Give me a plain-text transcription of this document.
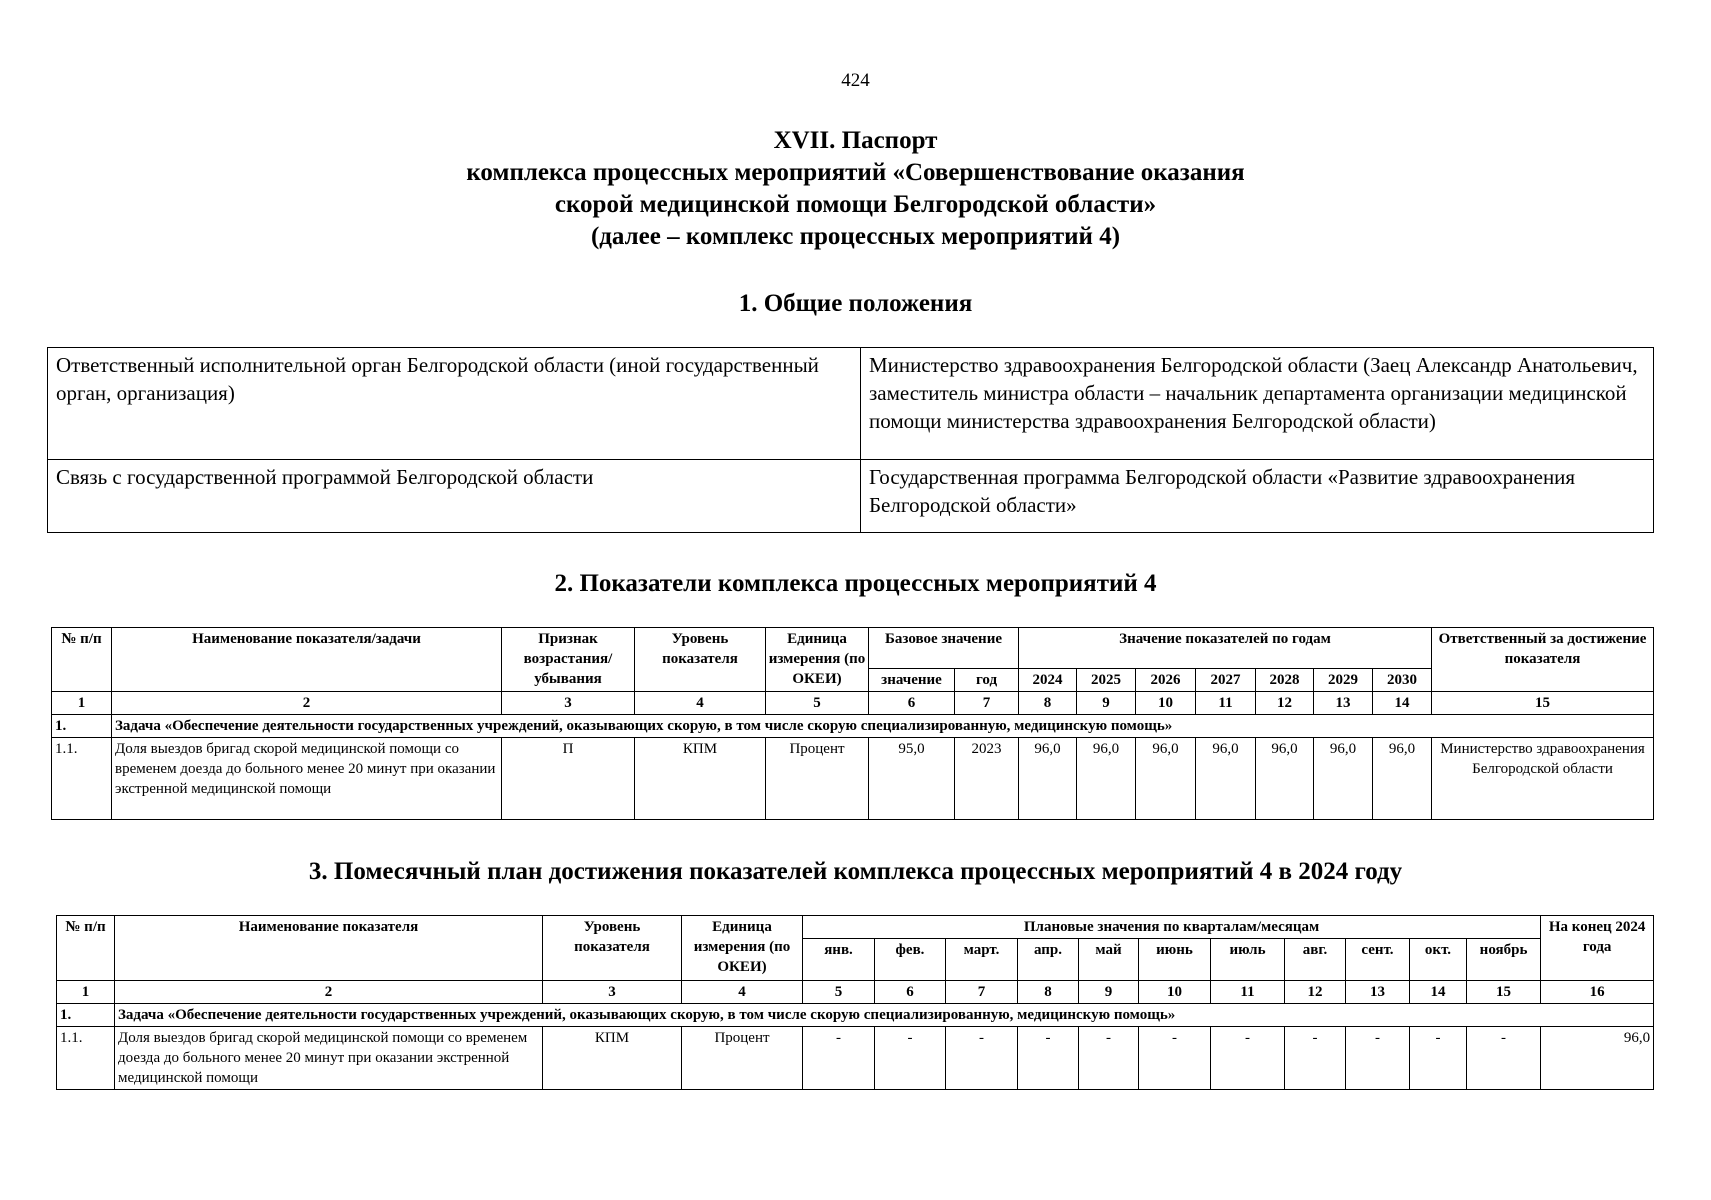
424
XVII. Паспорт
комплекса процессных мероприятий «Совершенствование оказания
скорой медицинской помощи Белгородской области»
(далее – комплекс процессных мероприятий 4)
1. Общие положения
Ответственный исполнительной орган Белгородской области (иной государственный орган, организация)	Министерство здравоохранения Белгородской области (Заец Александр Анатольевич, заместитель министра области – начальник департамента организации медицинской помощи министерства здравоохранения Белгородской области)
Связь с государственной программой Белгородской области	Государственная программа Белгородской области «Развитие здравоохранения Белгородской области»
2. Показатели комплекса процессных мероприятий 4
№ п/п	Наименование показателя/задачи	Признак возрастания/ убывания	Уровень показателя	Единица измерения (по ОКЕИ)	Базовое значение		Значение показателей по годам							Ответственный за достижение показателя
					значение	год	2024	2025	2026	2027	2028	2029	2030	
1	2	3	4	5	6	7	8	9	10	11	12	13	14	15
1.	Задача «Обеспечение деятельности государственных учреждений, оказывающих скорую, в том числе скорую специализированную, медицинскую помощь»													
1.1.	Доля выездов бригад скорой медицинской помощи со временем доезда до больного менее 20 минут при оказании экстренной медицинской помощи	П	КПМ	Процент	95,0	2023	96,0	96,0	96,0	96,0	96,0	96,0	96,0	Министерство здравоохранения Белгородской области
3. Помесячный план достижения показателей комплекса процессных мероприятий 4 в 2024 году
№ п/п	Наименование показателя	Уровень показателя	Единица измерения (по ОКЕИ)	Плановые значения по кварталам/месяцам											На конец 2024 года
				янв.	фев.	март.	апр.	май	июнь	июль	авг.	сент.	окт.	ноябрь	
1	2	3	4	5	6	7	8	9	10	11	12	13	14	15	16
1.	Задача «Обеспечение деятельности государственных учреждений, оказывающих скорую, в том числе скорую специализированную, медицинскую помощь»														
1.1.	Доля выездов бригад скорой медицинской помощи со временем доезда до больного менее 20 минут при оказании экстренной медицинской помощи	КПМ	Процент	-	-	-	-	-	-	-	-	-	-	-	96,0
